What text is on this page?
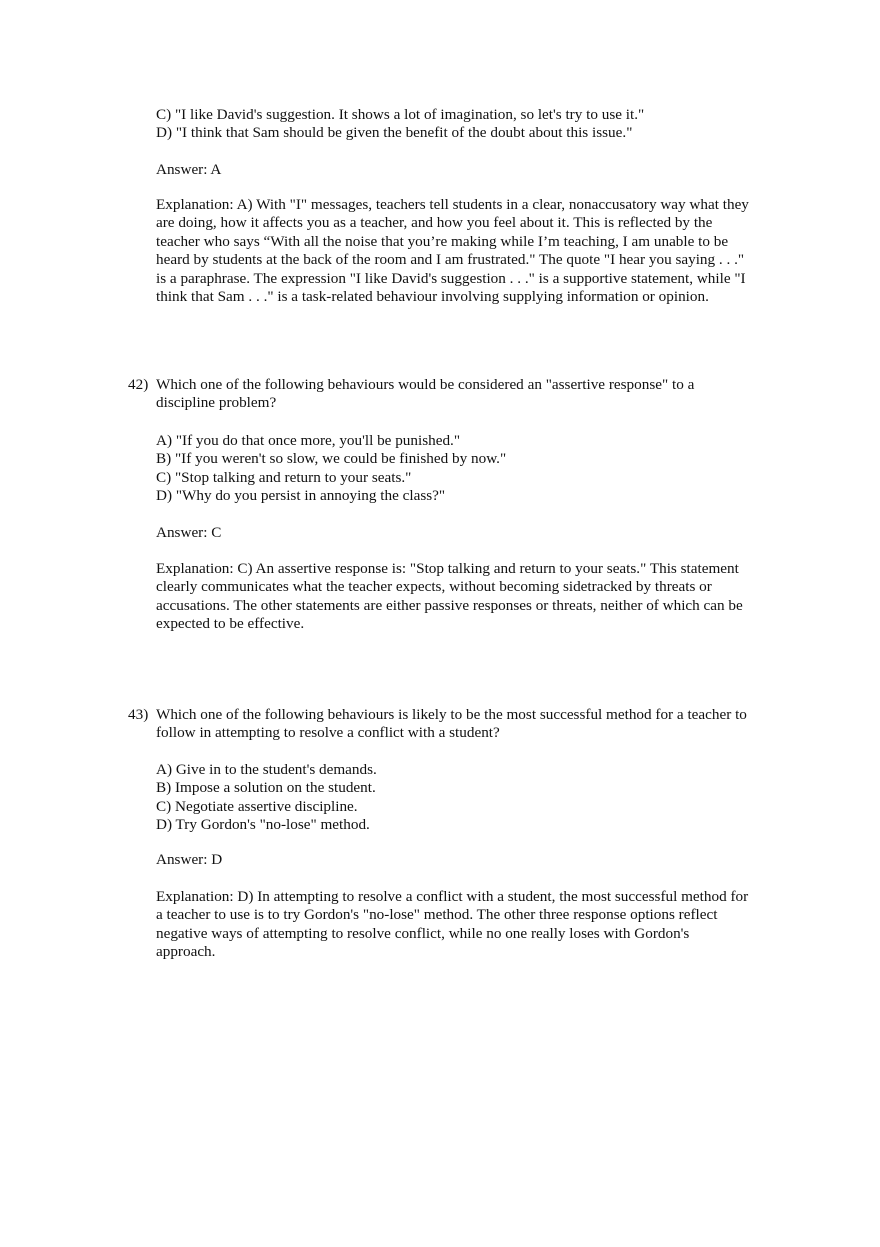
C) "I like David's suggestion. It shows a lot of imagination, so let's try to use it."
D) "I think that Sam should be given the benefit of the doubt about this issue."
Answer: A
Explanation: A) With "I" messages, teachers tell students in a clear, nonaccusatory way what they
are doing, how it affects you as a teacher, and how you feel about it. This is reflected by the
teacher who says “With all the noise that you’re making while I’m teaching, I am unable to be
heard by students at the back of the room and I am frustrated." The quote "I hear you saying . . ."
is a paraphrase. The expression "I like David's suggestion . . ." is a supportive statement, while "I
think that Sam . . ." is a task-related behaviour involving supplying information or opinion.
42) Which one of the following behaviours would be considered an "assertive response" to a
discipline problem?
A) "If you do that once more, you'll be punished."
B) "If you weren't so slow, we could be finished by now."
C) "Stop talking and return to your seats."
D) "Why do you persist in annoying the class?"
Answer: C
Explanation: C) An assertive response is: "Stop talking and return to your seats." This statement
clearly communicates what the teacher expects, without becoming sidetracked by threats or
accusations. The other statements are either passive responses or threats, neither of which can be
expected to be effective.
43) Which one of the following behaviours is likely to be the most successful method for a teacher to
follow in attempting to resolve a conflict with a student?
A) Give in to the student's demands.
B) Impose a solution on the student.
C) Negotiate assertive discipline.
D) Try Gordon's "no-lose" method.
Answer: D
Explanation: D) In attempting to resolve a conflict with a student, the most successful method for
a teacher to use is to try Gordon's "no-lose" method. The other three response options reflect
negative ways of attempting to resolve conflict, while no one really loses with Gordon's
approach.
